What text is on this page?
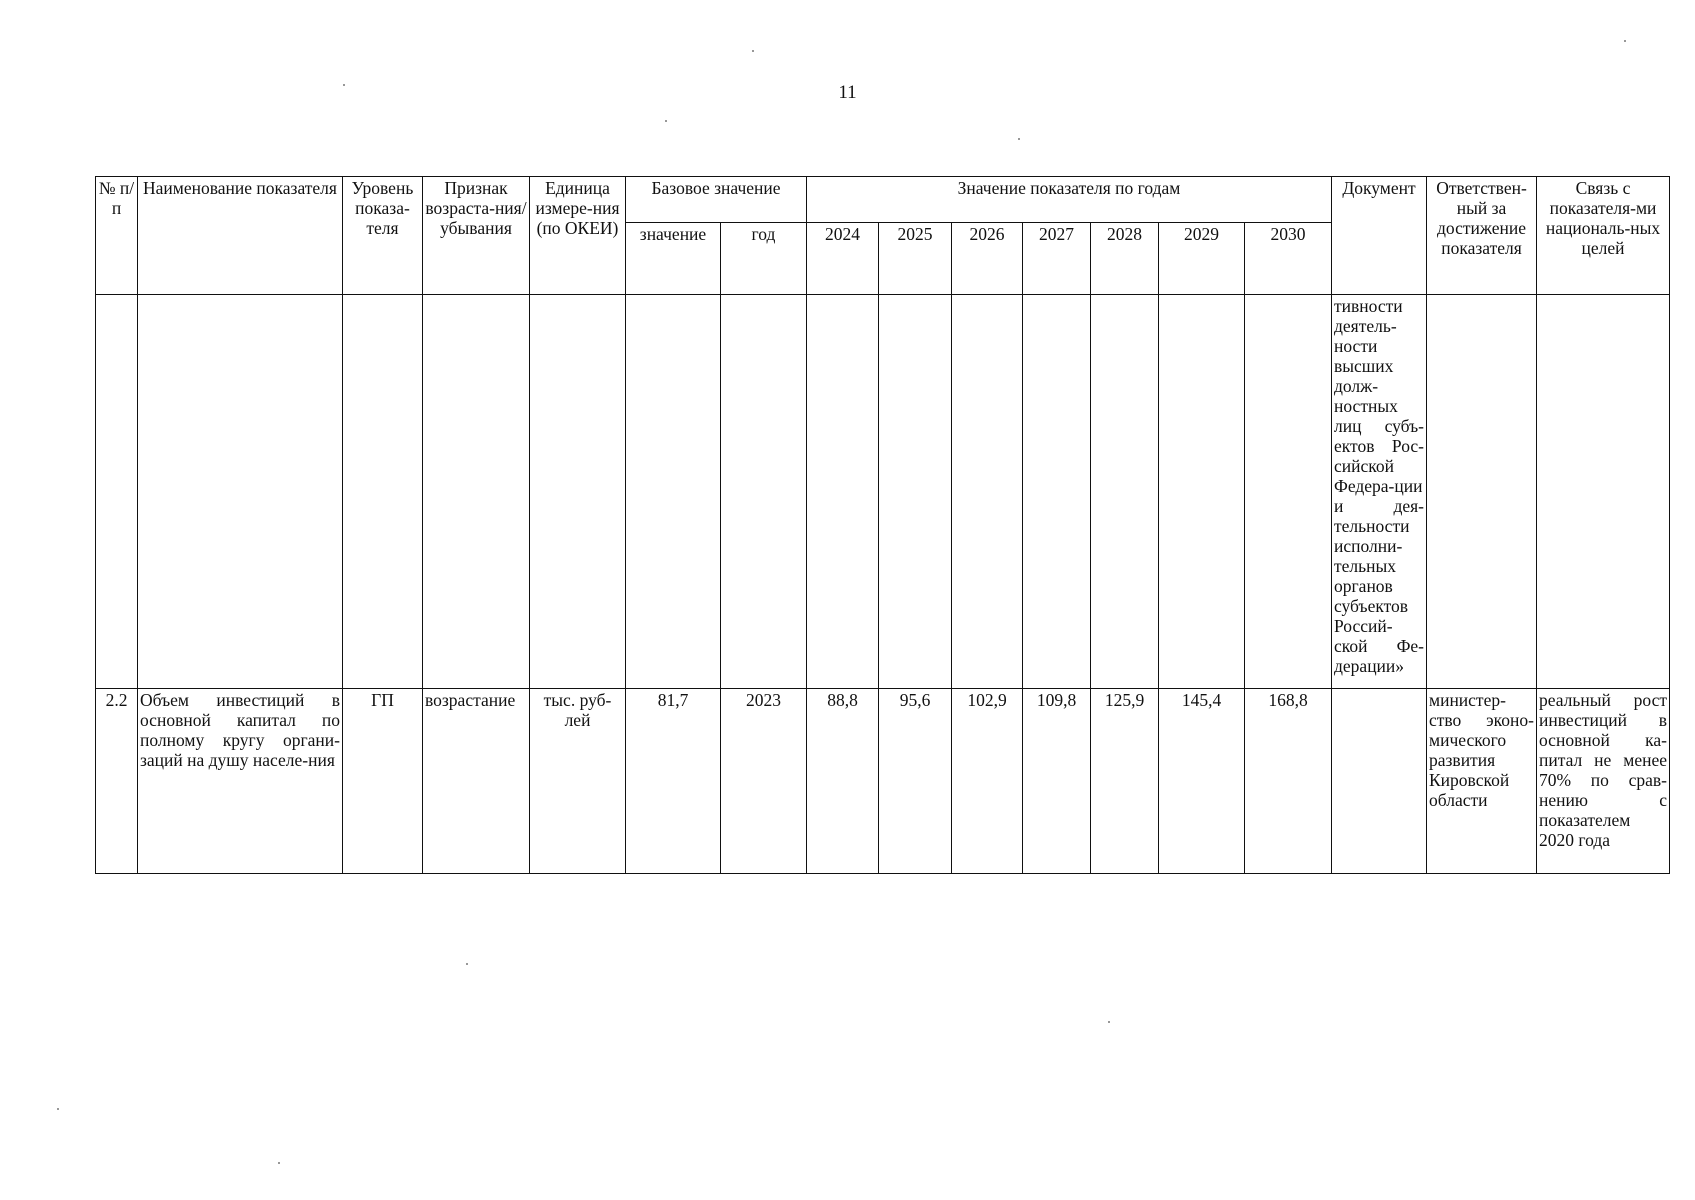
11
№ п/п	Наименование показателя	Уровень показа-теля	Признак возраста-ния/ убывания	Единица измере-ния (по ОКЕИ)	Базовое значение		Значение показателя по годам							Документ	Ответствен-ный за достижение показателя	Связь с показателя-ми националь-ных целей
					значение	год	2024	2025	2026	2027	2028	2029	2030			
														тивности деятель-ности высших долж-ностных лиц субъ-ектов Рос-сийской Федера-ции и дея-тельности исполни-тельных органов субъектов Россий-ской Фе-дерации»		
2.2	Объем инвестиций в основной капитал по полному кругу органи-заций на душу населе-ния	ГП	возрастание	тыс. руб-лей	81,7	2023	88,8	95,6	102,9	109,8	125,9	145,4	168,8		министер-ство эконо-мического развития Кировской области	реальный рост инвестиций в основной ка-питал не менее 70% по срав-нению с показателем 2020 года
